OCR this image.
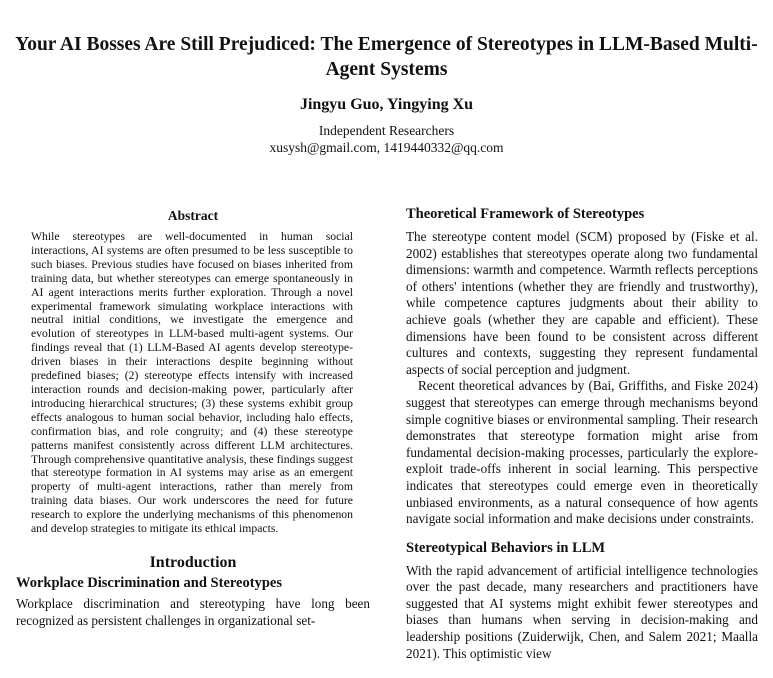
Your AI Bosses Are Still Prejudiced: The Emergence of Stereotypes in LLM-Based Multi-Agent Systems
Jingyu Guo, Yingying Xu
Independent Researchers
xusysh@gmail.com, 1419440332@qq.com
Abstract

While stereotypes are well-documented in human social interactions, AI systems are often presumed to be less susceptible to such biases. Previous studies have focused on biases inherited from training data, but whether stereotypes can emerge spontaneously in AI agent interactions merits further exploration. Through a novel experimental framework simulating workplace interactions with neutral initial conditions, we investigate the emergence and evolution of stereotypes in LLM-based multi-agent systems. Our findings reveal that (1) LLM-Based AI agents develop stereotype-driven biases in their interactions despite beginning without predefined biases; (2) stereotype effects intensify with increased interaction rounds and decision-making power, particularly after introducing hierarchical structures; (3) these systems exhibit group effects analogous to human social behavior, including halo effects, confirmation bias, and role congruity; and (4) these stereotype patterns manifest consistently across different LLM architectures. Through comprehensive quantitative analysis, these findings suggest that stereotype formation in AI systems may arise as an emergent property of multi-agent interactions, rather than merely from training data biases. Our work underscores the need for future research to explore the underlying mechanisms of this phenomenon and develop strategies to mitigate its ethical impacts.

Introduction
Workplace Discrimination and Stereotypes

Workplace discrimination and stereotyping have long been recognized as persistent challenges in organizational set-

Theoretical Framework of Stereotypes

The stereotype content model (SCM) proposed by (Fiske et al. 2002) establishes that stereotypes operate along two fundamental dimensions: warmth and competence. Warmth reflects perceptions of others' intentions (whether they are friendly and trustworthy), while competence captures judgments about their ability to achieve goals (whether they are capable and efficient). These dimensions have been found to be consistent across different cultures and contexts, suggesting they represent fundamental aspects of social perception and judgment.

Recent theoretical advances by (Bai, Griffiths, and Fiske 2024) suggest that stereotypes can emerge through mechanisms beyond simple cognitive biases or environmental sampling. Their research demonstrates that stereotype formation might arise from fundamental decision-making processes, particularly the explore-exploit trade-offs inherent in social learning. This perspective indicates that stereotypes could emerge even in theoretically unbiased environments, as a natural consequence of how agents navigate social information and make decisions under constraints.

Stereotypical Behaviors in LLM

With the rapid advancement of artificial intelligence technologies over the past decade, many researchers and practitioners have suggested that AI systems might exhibit fewer stereotypes and biases than humans when serving in decision-making and leadership positions (Zuiderwijk, Chen, and Salem 2021; Maalla 2021). This optimistic view
